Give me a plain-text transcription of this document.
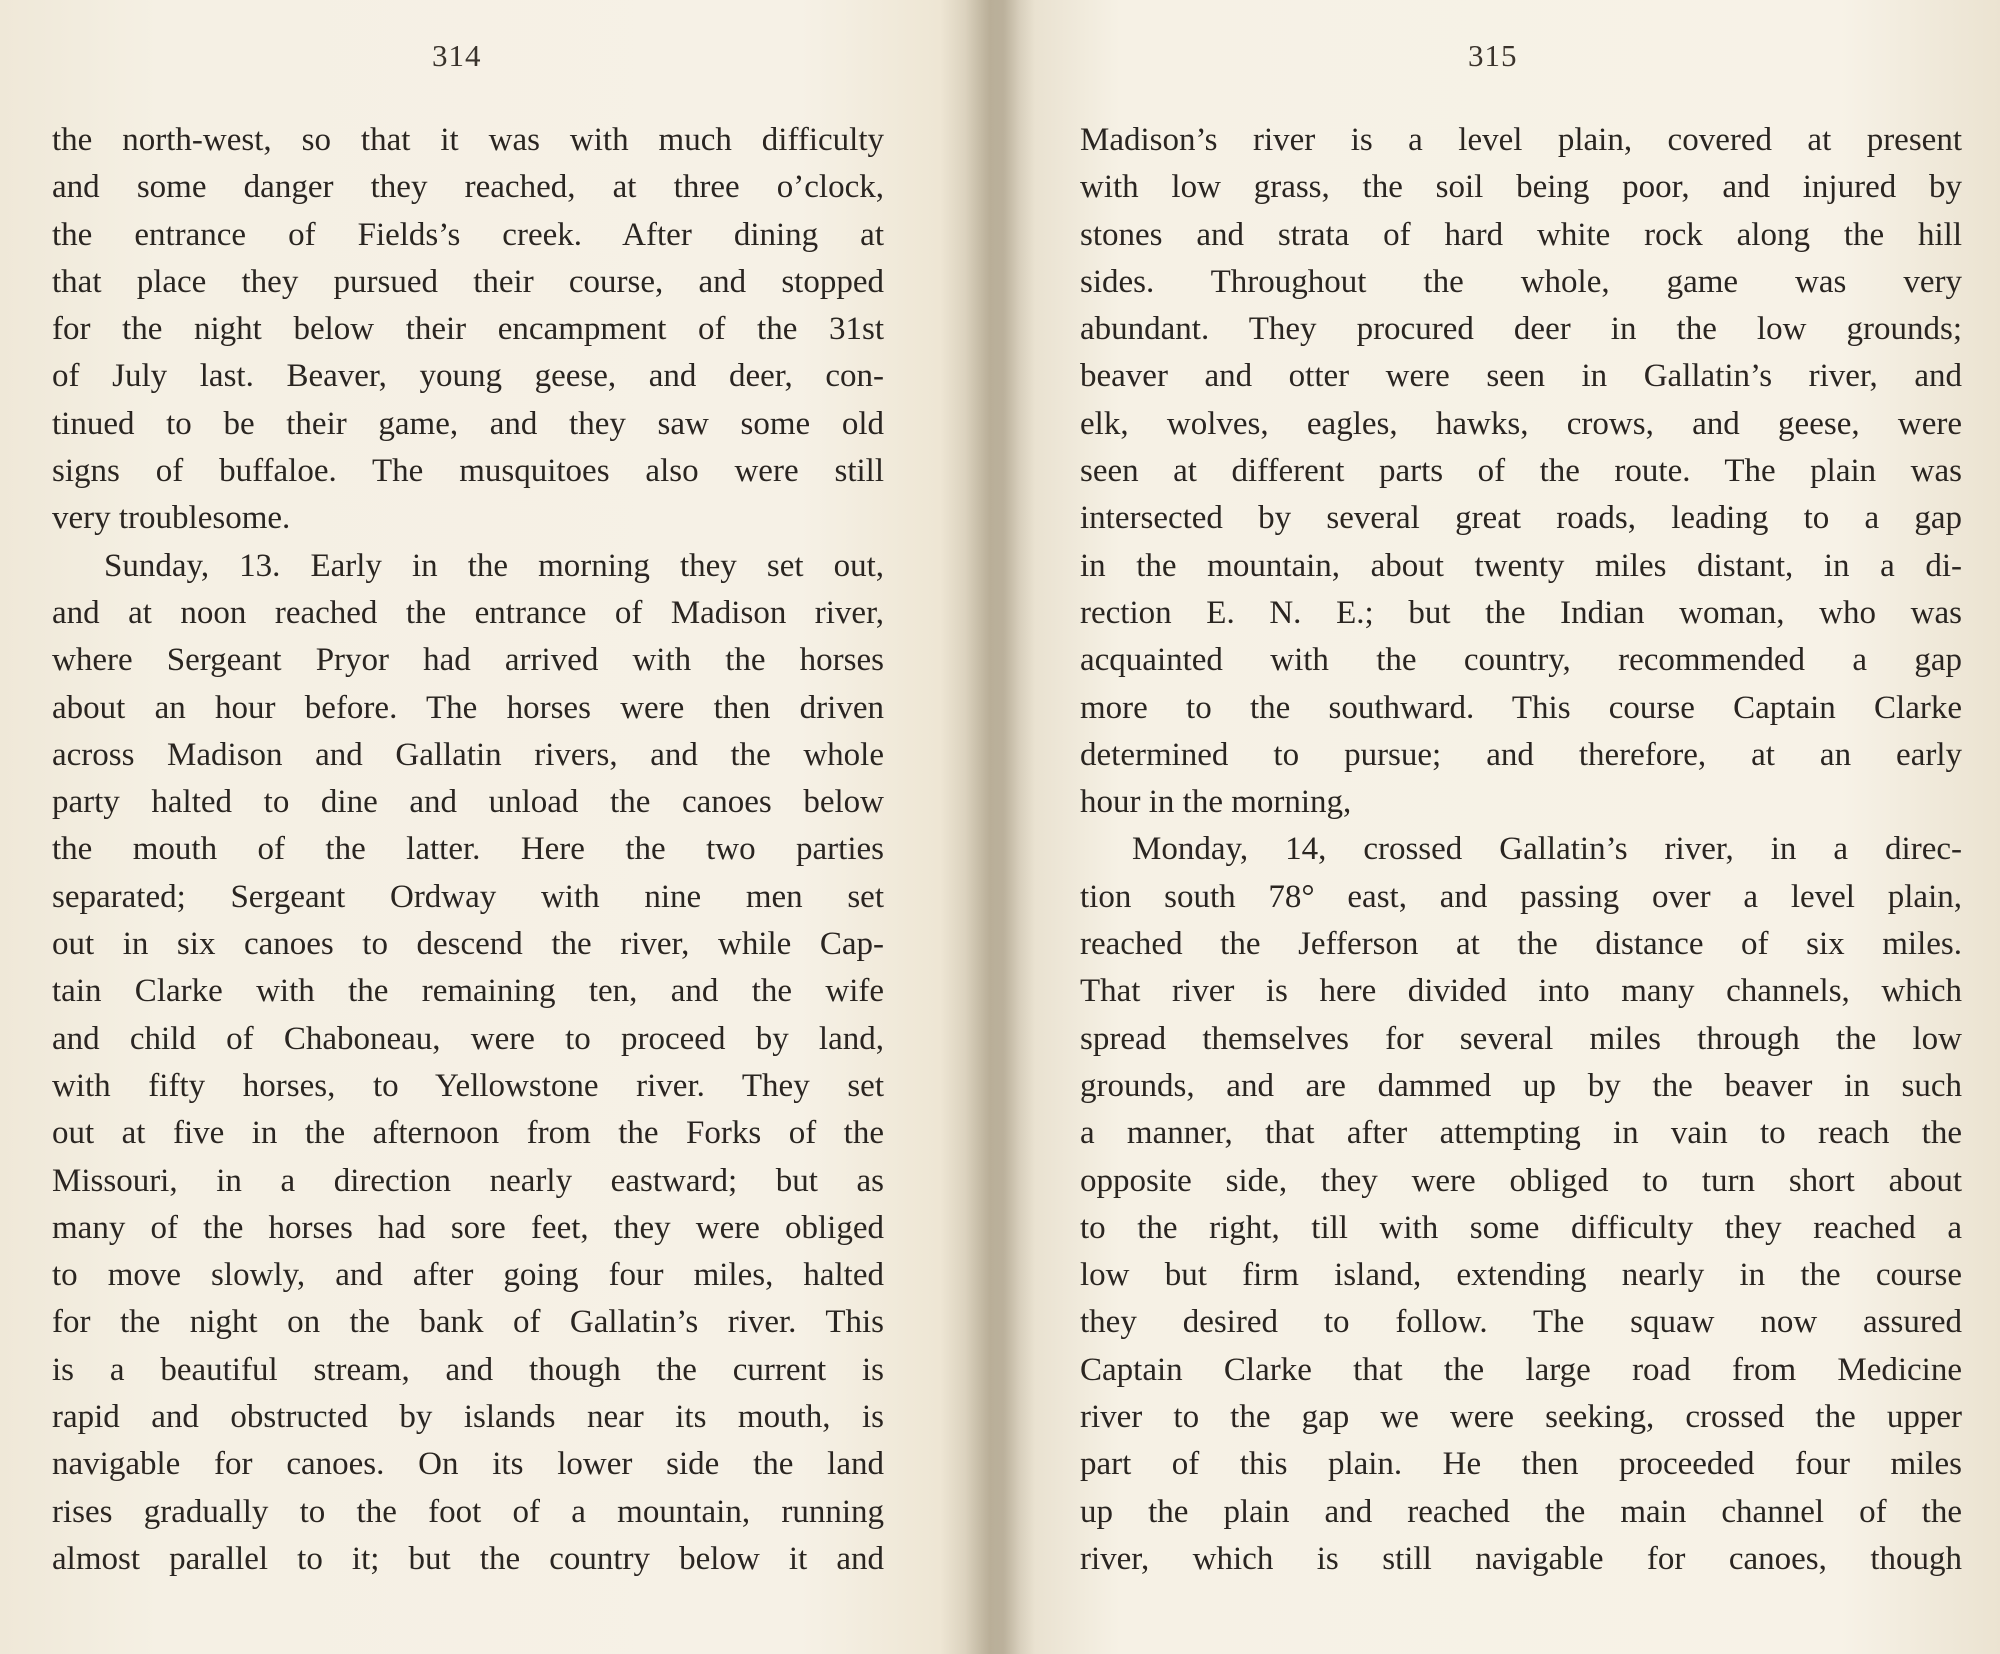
314
the north-west, so that it was with much difficulty
and some danger they reached, at three o’clock,
the entrance of Fields’s creek. After dining at
that place they pursued their course, and stopped
for the night below their encampment of the 31st
of July last. Beaver, young geese, and deer, con-
tinued to be their game, and they saw some old
signs of buffaloe. The musquitoes also were still
very troublesome.
Sunday, 13. Early in the morning they set out,
and at noon reached the entrance of Madison river,
where Sergeant Pryor had arrived with the horses
about an hour before. The horses were then driven
across Madison and Gallatin rivers, and the whole
party halted to dine and unload the canoes below
the mouth of the latter. Here the two parties
separated; Sergeant Ordway with nine men set
out in six canoes to descend the river, while Cap-
tain Clarke with the remaining ten, and the wife
and child of Chaboneau, were to proceed by land,
with fifty horses, to Yellowstone river. They set
out at five in the afternoon from the Forks of the
Missouri, in a direction nearly eastward; but as
many of the horses had sore feet, they were obliged
to move slowly, and after going four miles, halted
for the night on the bank of Gallatin’s river. This
is a beautiful stream, and though the current is
rapid and obstructed by islands near its mouth, is
navigable for canoes. On its lower side the land
rises gradually to the foot of a mountain, running
almost parallel to it; but the country below it and
315
Madison’s river is a level plain, covered at present
with low grass, the soil being poor, and injured by
stones and strata of hard white rock along the hill
sides. Throughout the whole, game was very
abundant. They procured deer in the low grounds;
beaver and otter were seen in Gallatin’s river, and
elk, wolves, eagles, hawks, crows, and geese, were
seen at different parts of the route. The plain was
intersected by several great roads, leading to a gap
in the mountain, about twenty miles distant, in a di-
rection E. N. E.; but the Indian woman, who was
acquainted with the country, recommended a gap
more to the southward. This course Captain Clarke
determined to pursue; and therefore, at an early
hour in the morning,
Monday, 14, crossed Gallatin’s river, in a direc-
tion south 78° east, and passing over a level plain,
reached the Jefferson at the distance of six miles.
That river is here divided into many channels, which
spread themselves for several miles through the low
grounds, and are dammed up by the beaver in such
a manner, that after attempting in vain to reach the
opposite side, they were obliged to turn short about
to the right, till with some difficulty they reached a
low but firm island, extending nearly in the course
they desired to follow. The squaw now assured
Captain Clarke that the large road from Medicine
river to the gap we were seeking, crossed the upper
part of this plain. He then proceeded four miles
up the plain and reached the main channel of the
river, which is still navigable for canoes, though
